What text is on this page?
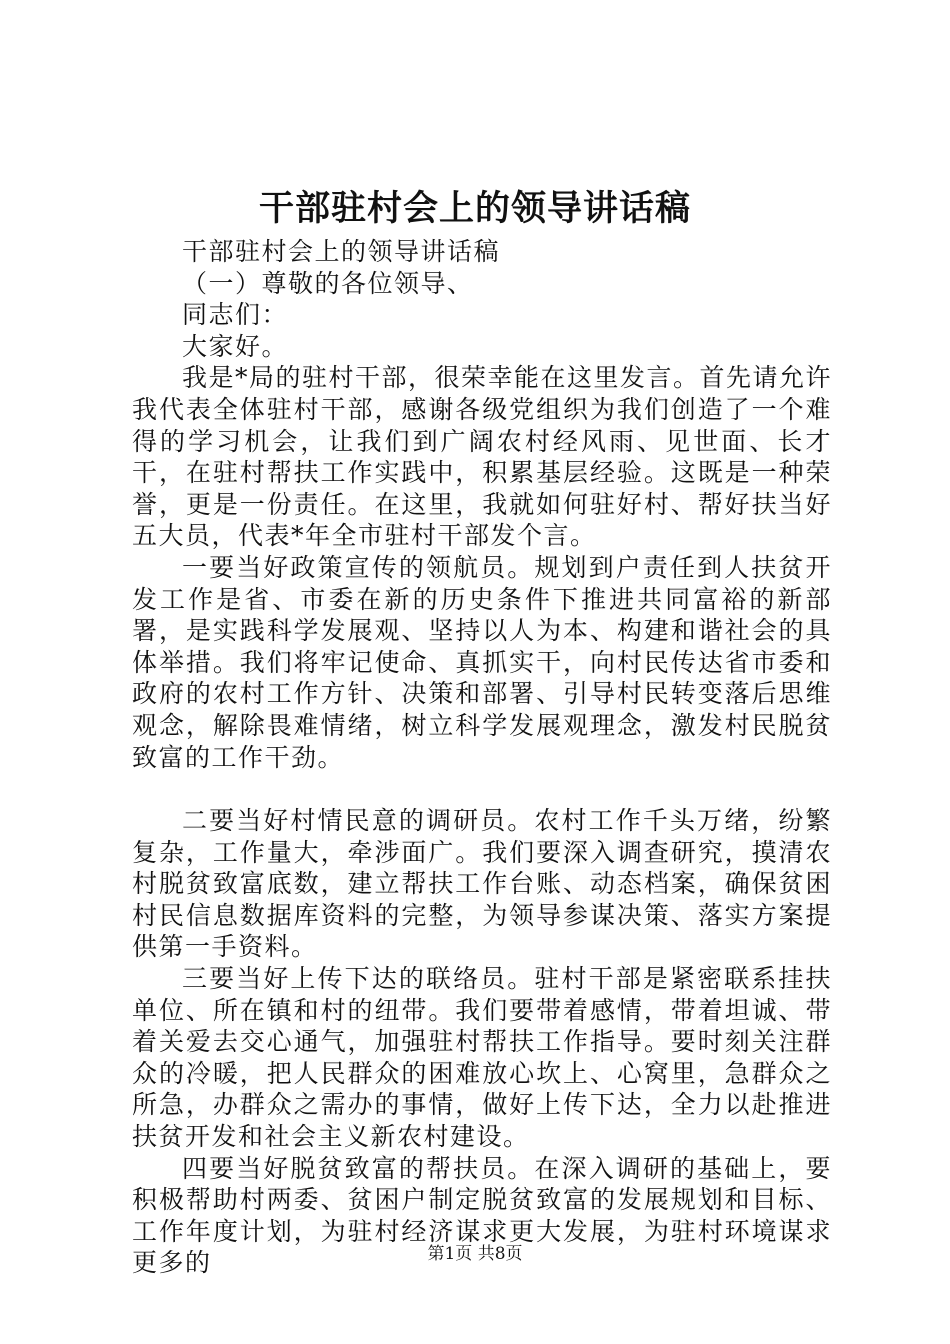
干部驻村会上的领导讲话稿

干部驻村会上的领导讲话稿

（一）尊敬的各位领导、

同志们：

大家好。

我是*局的驻村干部，很荣幸能在这里发言。首先请允许我代表全体驻村干部，感谢各级党组织为我们创造了一个难得的学习机会，让我们到广阔农村经风雨、见世面、长才干，在驻村帮扶工作实践中，积累基层经验。这既是一种荣誉，更是一份责任。在这里，我就如何驻好村、帮好扶当好五大员，代表*年全市驻村干部发个言。

一要当好政策宣传的领航员。规划到户责任到人扶贫开发工作是省、市委在新的历史条件下推进共同富裕的新部署，是实践科学发展观、坚持以人为本、构建和谐社会的具体举措。我们将牢记使命、真抓实干，向村民传达省市委和政府的农村工作方针、决策和部署、引导村民转变落后思维观念，解除畏难情绪，树立科学发展观理念，激发村民脱贫致富的工作干劲。

二要当好村情民意的调研员。农村工作千头万绪，纷繁复杂，工作量大，牵涉面广。我们要深入调查研究，摸清农村脱贫致富底数，建立帮扶工作台账、动态档案，确保贫困村民信息数据库资料的完整，为领导参谋决策、落实方案提供第一手资料。

三要当好上传下达的联络员。驻村干部是紧密联系挂扶单位、所在镇和村的纽带。我们要带着感情，带着坦诚、带着关爱去交心通气，加强驻村帮扶工作指导。要时刻关注群众的冷暖，把人民群众的困难放心坎上、心窝里，急群众之所急，办群众之需办的事情，做好上传下达，全力以赴推进扶贫开发和社会主义新农村建设。

四要当好脱贫致富的帮扶员。在深入调研的基础上，要积极帮助村两委、贫困户制定脱贫致富的发展规划和目标、工作年度计划，为驻村经济谋求更大发展，为驻村环境谋求更多的	第1页 共8页
